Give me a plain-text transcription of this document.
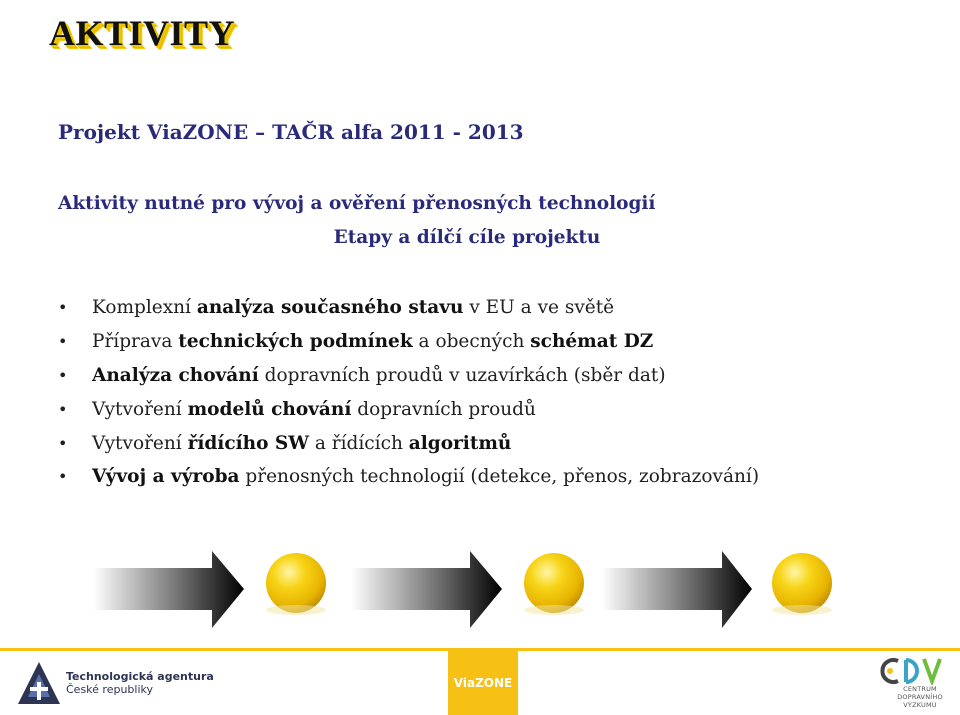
AKTIVITY
Projekt ViaZONE – TAČR alfa 2011 - 2013
Aktivity nutné pro vývoj a ověření přenosných technologií
Etapy a dílčí cíle projektu
• Komplexní analýza současného stavu v EU a ve světě
• Příprava technických podmínek a obecných schémat DZ
• Analýza chování dopravních proudů v uzavírkách (sběr dat)
• Vytvoření modelů chování dopravních proudů
• Vytvoření řídícího SW a řídících algoritmů
• Vývoj a výroba přenosných technologií (detekce, přenos, zobrazování)
Technologická agentura
České republiky	ViaZONE	CENTRUM
DOPRAVNÍHO
VÝZKUMU
